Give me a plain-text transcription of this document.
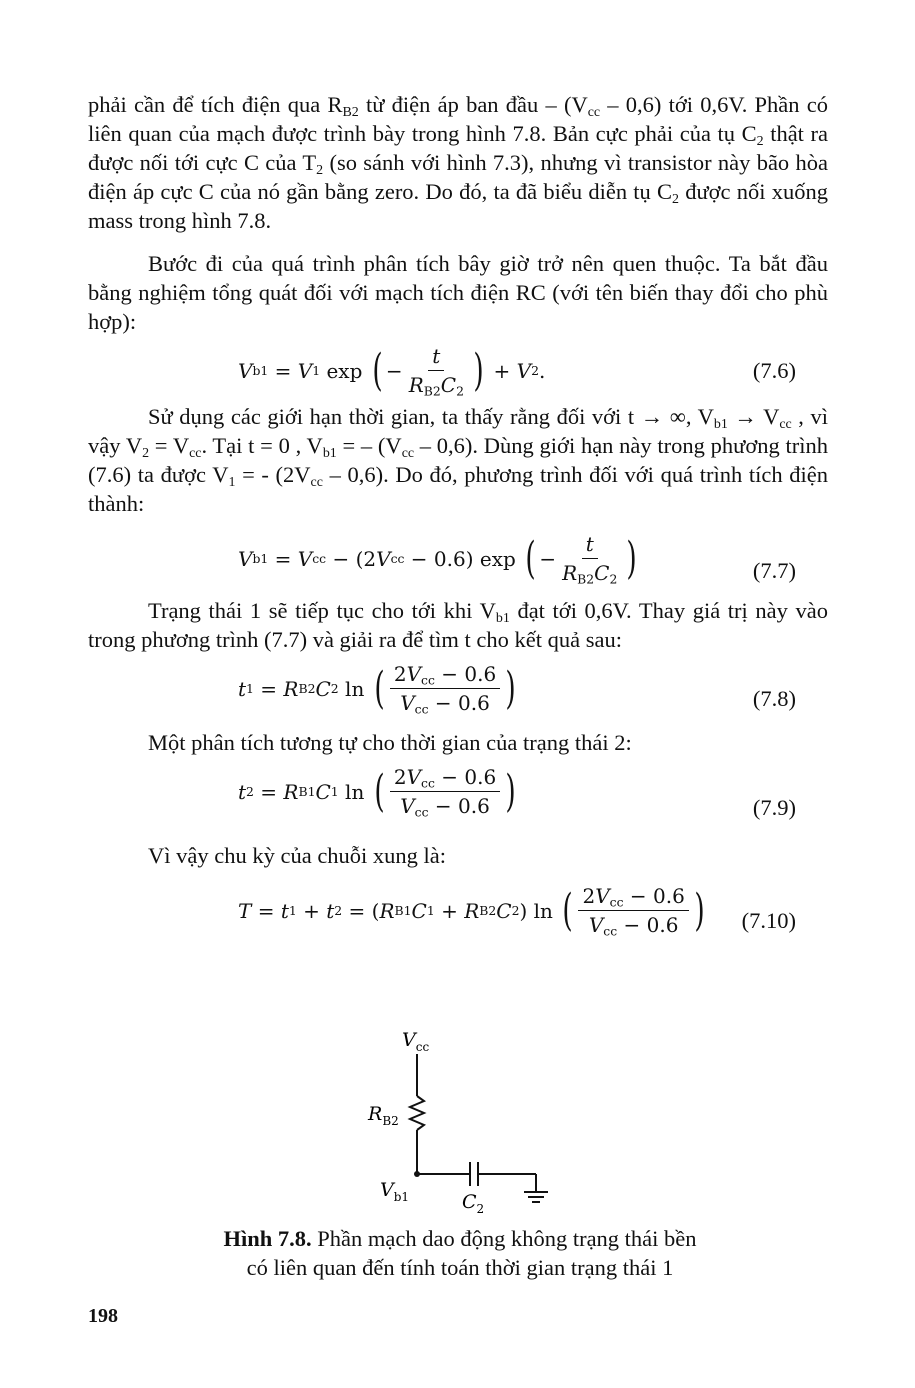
phải cần để tích điện qua $R_{B2}$ từ điện áp ban đầu – $(V_{cc} - 0,6)$ tới 0,6V. Phần có liên quan của mạch được trình bày trong hình 7.8. Bản cực phải của tụ $C_2$ thật ra được nối tới cực C của $T_2$ (so sánh với hình 7.3), nhưng vì transistor này bão hòa điện áp cực C của nó gần bằng zero. Do đó, ta đã biểu diễn tụ $C_2$ được nối xuống mass trong hình 7.8.

Bước đi của quá trình phân tích bây giờ trở nên quen thuộc. Ta bắt đầu bằng nghiệm tổng quát đối với mạch tích điện RC (với tên biến thay đổi cho phù hợp):

V b1 = V 1 exp ( − $\frac{t}{R_{B2}C_2}$ ) + V 2 .	(7.6)

Sử dụng các giới hạn thời gian, ta thấy rằng đối với t → ∞, $V_{b1} \to V_{cc}$ , vì vậy $V_2 = V_{cc}$. Tại t = 0 , $V_{b1}$ = – $(V_{cc} - 0,6)$. Dùng giới hạn này trong phương trình (7.6) ta được $V_1$ = - $(2V_{cc} - 0,6)$. Do đó, phương trình đối với quá trình tích điện thành:

V b1 = V cc − (2 V cc − 0.6) exp ( − $\frac{t}{R_{B2}C_2}$ )	(7.7)

Trạng thái 1 sẽ tiếp tục cho tới khi $V_{b1}$ đạt tới 0,6V. Thay giá trị này vào trong phương trình (7.7) và giải ra để tìm t cho kết quả sau:

t 1 = R B2 C 2 ln ( $\frac{2V_{cc} - 0.6}{V_{cc} - 0.6}$ )	(7.8)

Một phân tích tương tự cho thời gian của trạng thái 2:

t 2 = R B1 C 1 ln ( $\frac{2V_{cc} - 0.6}{V_{cc} - 0.6}$ )	(7.9)

Vì vậy chu kỳ của chuỗi xung là:

T = t 1 + t 2 = ( R B1 C 1 + R B2 C 2 ) ln ( $\frac{2V_{cc} - 0.6}{V_{cc} - 0.6}$ ) (7.10)
$V_{cc}$
$R_{B2}$
$V_{b1}$	$C_2$
Hình 7.8. Phần mạch dao động không trạng thái bền
có liên quan đến tính toán thời gian trạng thái 1
198
